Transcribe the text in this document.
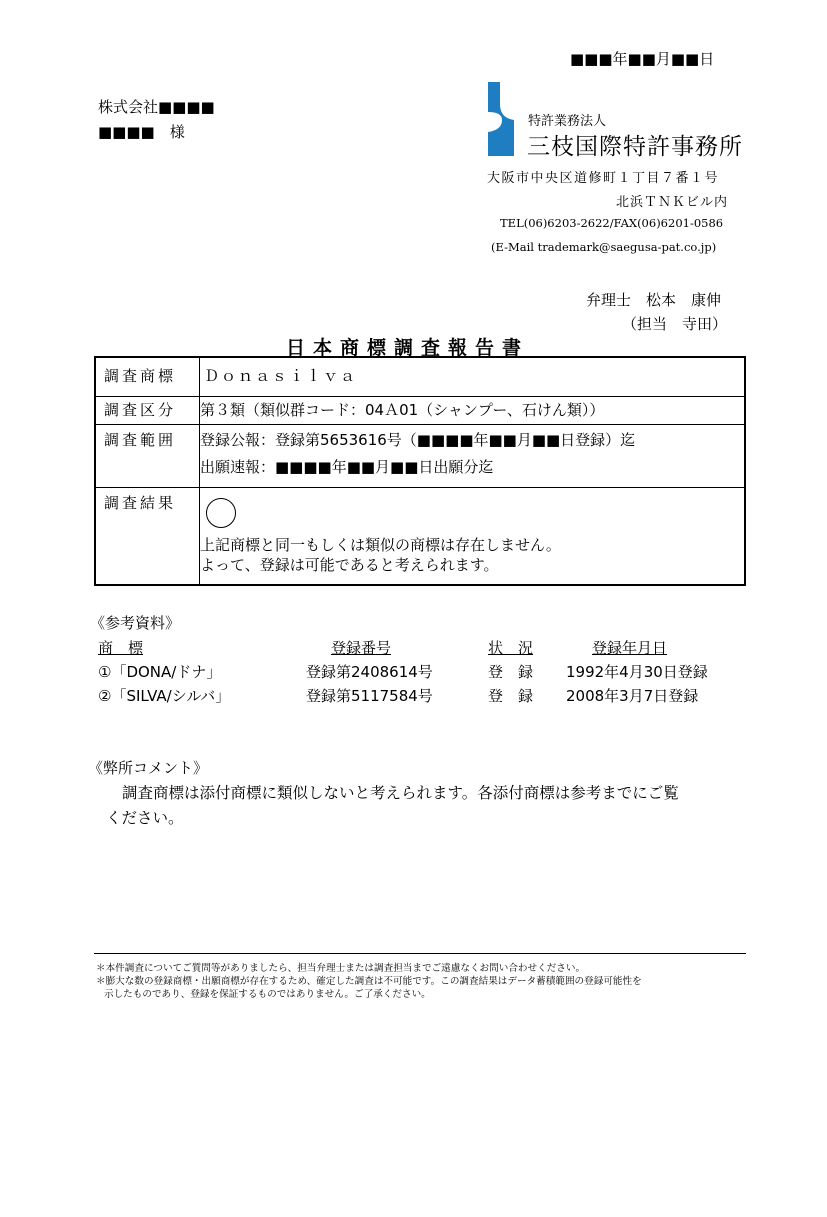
■■■年■■月■■日
株式会社■■■■
■■■■　様
特許業務法人
三枝国際特許事務所
大阪市中央区道修町１丁目７番１号
北浜ＴＮＫビル内
TEL(06)6203-2622/FAX(06)6201-0586
(E-Mail trademark@saegusa-pat.co.jp)
弁理士　松本　康伸
（担当　寺田）
日本商標調査報告書
調査商標	Ｄｏｎａｓｉｌｖａ
調査区分	第３類（類似群コード：04Ａ01（シャンプー、石けん類））
調査範囲	登録公報：登録第5653616号（■■■■年■■月■■日登録）迄
出願速報：■■■■年■■月■■日出願分迄
調査結果
上記商標と同一もしくは類似の商標は存在しません。
よって、登録は可能であると考えられます。
《参考資料》
商　標	登録番号	状　況	登録年月日
①「DONA/ドナ」	登録第2408614号	登　録 1992年4月30日登録
②「SILVA/シルバ」	登録第5117584号	登　録 2008年3月7日登録
《弊所コメント》
調査商標は添付商標に類似しないと考えられます。各添付商標は参考までにご覧
ください。
＊本件調査についてご質問等がありましたら、担当弁理士または調査担当までご遠慮なくお問い合わせください。
＊膨大な数の登録商標・出願商標が存在するため、確定した調査は不可能です。この調査結果はデータ蓄積範囲の登録可能性を
示したものであり、登録を保証するものではありません。ご了承ください。
